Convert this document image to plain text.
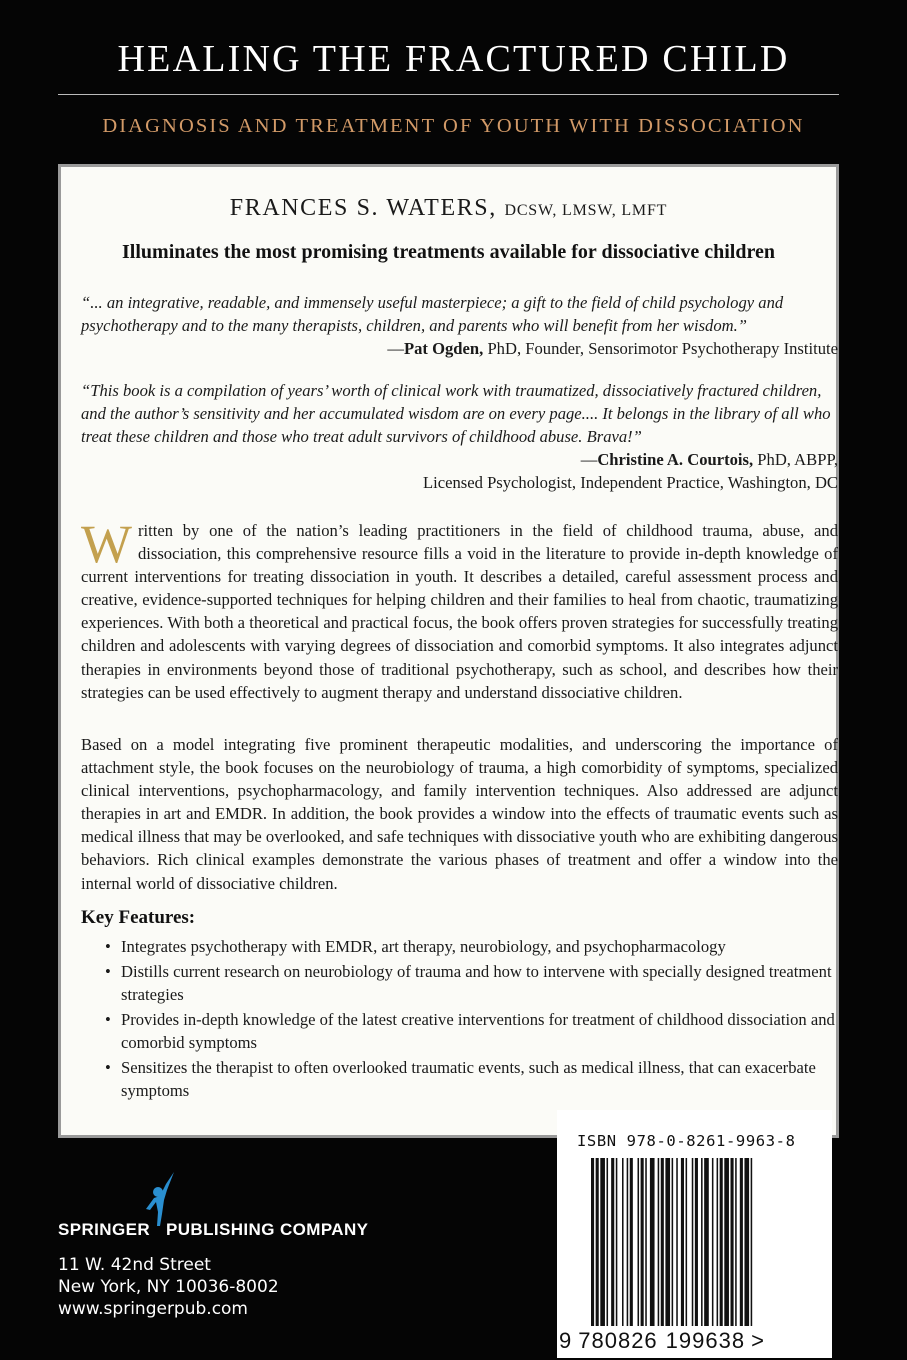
HEALING THE FRACTURED CHILD
DIAGNOSIS AND TREATMENT OF YOUTH WITH DISSOCIATION
FRANCES S. WATERS, DCSW, LMSW, LMFT
Illuminates the most promising treatments available for dissociative children
“... an integrative, readable, and immensely useful masterpiece; a gift to the field of child psychology and psychotherapy and to the many therapists, children, and parents who will benefit from her wisdom.”
—Pat Ogden, PhD, Founder, Sensorimotor Psychotherapy Institute
“This book is a compilation of years’ worth of clinical work with traumatized, dissociatively fractured children, and the author’s sensitivity and her accumulated wisdom are on every page.... It belongs in the library of all who treat these children and those who treat adult survivors of childhood abuse. Brava!”
—Christine A. Courtois, PhD, ABPP,
Licensed Psychologist, Independent Practice, Washington, DC
Written by one of the nation’s leading practitioners in the field of childhood trauma, abuse, and dissociation, this comprehensive resource fills a void in the literature to provide in-depth knowledge of current interventions for treating dissociation in youth. It describes a detailed, careful assessment process and creative, evidence-supported techniques for helping children and their families to heal from chaotic, traumatizing experiences. With both a theoretical and practical focus, the book offers proven strategies for successfully treating children and adolescents with varying degrees of dissociation and comorbid symptoms. It also integrates adjunct therapies in environments beyond those of traditional psychotherapy, such as school, and describes how their strategies can be used effectively to augment therapy and understand dissociative children.
Based on a model integrating five prominent therapeutic modalities, and underscoring the importance of attachment style, the book focuses on the neurobiology of trauma, a high comorbidity of symptoms, specialized clinical interventions, psychopharmacology, and family intervention techniques. Also addressed are adjunct therapies in art and EMDR. In addition, the book provides a window into the effects of traumatic events such as medical illness that may be overlooked, and safe techniques with dissociative youth who are exhibiting dangerous behaviors. Rich clinical examples demonstrate the various phases of treatment and offer a window into the internal world of dissociative children.
Key Features:
• Integrates psychotherapy with EMDR, art therapy, neurobiology, and psychopharmacology
• Distills current research on neurobiology of trauma and how to intervene with specially designed treatment strategies
• Provides in-depth knowledge of the latest creative interventions for treatment of childhood dissociation and comorbid symptoms
• Sensitizes the therapist to often overlooked traumatic events, such as medical illness, that can exacerbate symptoms
ISBN 978-0-8261-9963-8
9 780826 199638 >
SPRINGER PUBLISHING COMPANY
11 W. 42nd Street
New York, NY 10036-8002
www.springerpub.com
